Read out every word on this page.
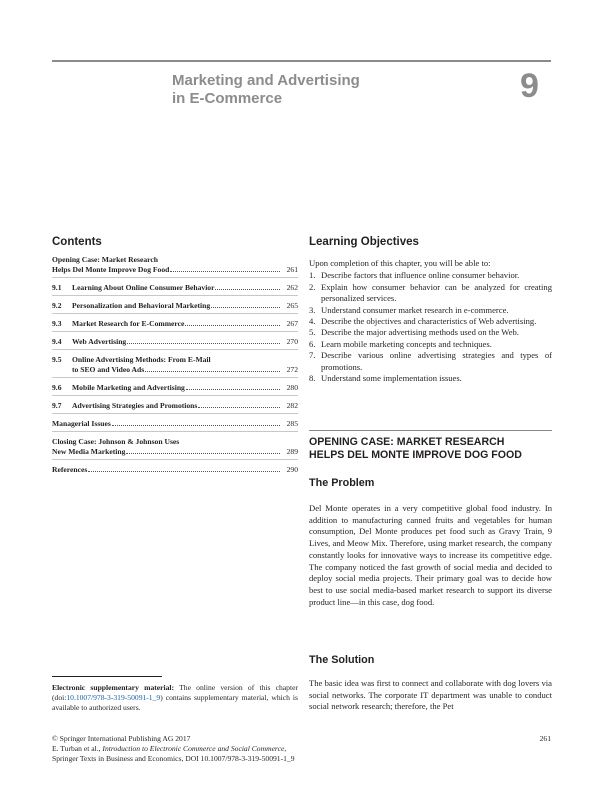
Marketing and Advertising
in E-Commerce	9
Contents
Opening Case: Market Research
Helps Del Monte Improve Dog Food	261
9.1	Learning About Online Consumer Behavior	262
9.2	Personalization and Behavioral Marketing	265
9.3	Market Research for E-Commerce	267
9.4	Web Advertising	270
9.5	Online Advertising Methods: From E-Mail
to SEO and Video Ads	272
9.6	Mobile Marketing and Advertising	280
9.7	Advertising Strategies and Promotions	282
Managerial Issues	285
Closing Case: Johnson & Johnson Uses
New Media Marketing	289
References	290
Learning Objectives
Upon completion of this chapter, you will be able to:
1. Describe factors that influence online consumer behavior.
2. Explain how consumer behavior can be analyzed for creating personalized services.
3. Understand consumer market research in e-commerce.
4. Describe the objectives and characteristics of Web advertising.
5. Describe the major advertising methods used on the Web.
6. Learn mobile marketing concepts and techniques.
7. Describe various online advertising strategies and types of promotions.
8. Understand some implementation issues.
OPENING CASE: MARKET RESEARCH
HELPS DEL MONTE IMPROVE DOG FOOD
The Problem
Del Monte operates in a very competitive global food industry. In addition to manufacturing canned fruits and vegetables for human consumption, Del Monte produces pet food such as Gravy Train, 9 Lives, and Meow Mix. Therefore, using market research, the company constantly looks for innovative ways to increase its competitive edge. The company noticed the fast growth of social media and decided to deploy social media projects. Their primary goal was to decide how best to use social media-based market research to support its diverse product line—in this case, dog food.
The Solution
The basic idea was first to connect and collaborate with dog lovers via social networks. The corporate IT department was unable to conduct social network research; therefore, the Pet
Electronic supplementary material: The online version of this chapter (doi:10.1007/978-3-319-50091-1_9) contains supplementary material, which is available to authorized users.
© Springer International Publishing AG 2017
E. Turban et al., Introduction to Electronic Commerce and Social Commerce,
Springer Texts in Business and Economics, DOI 10.1007/978-3-319-50091-1_9
261
